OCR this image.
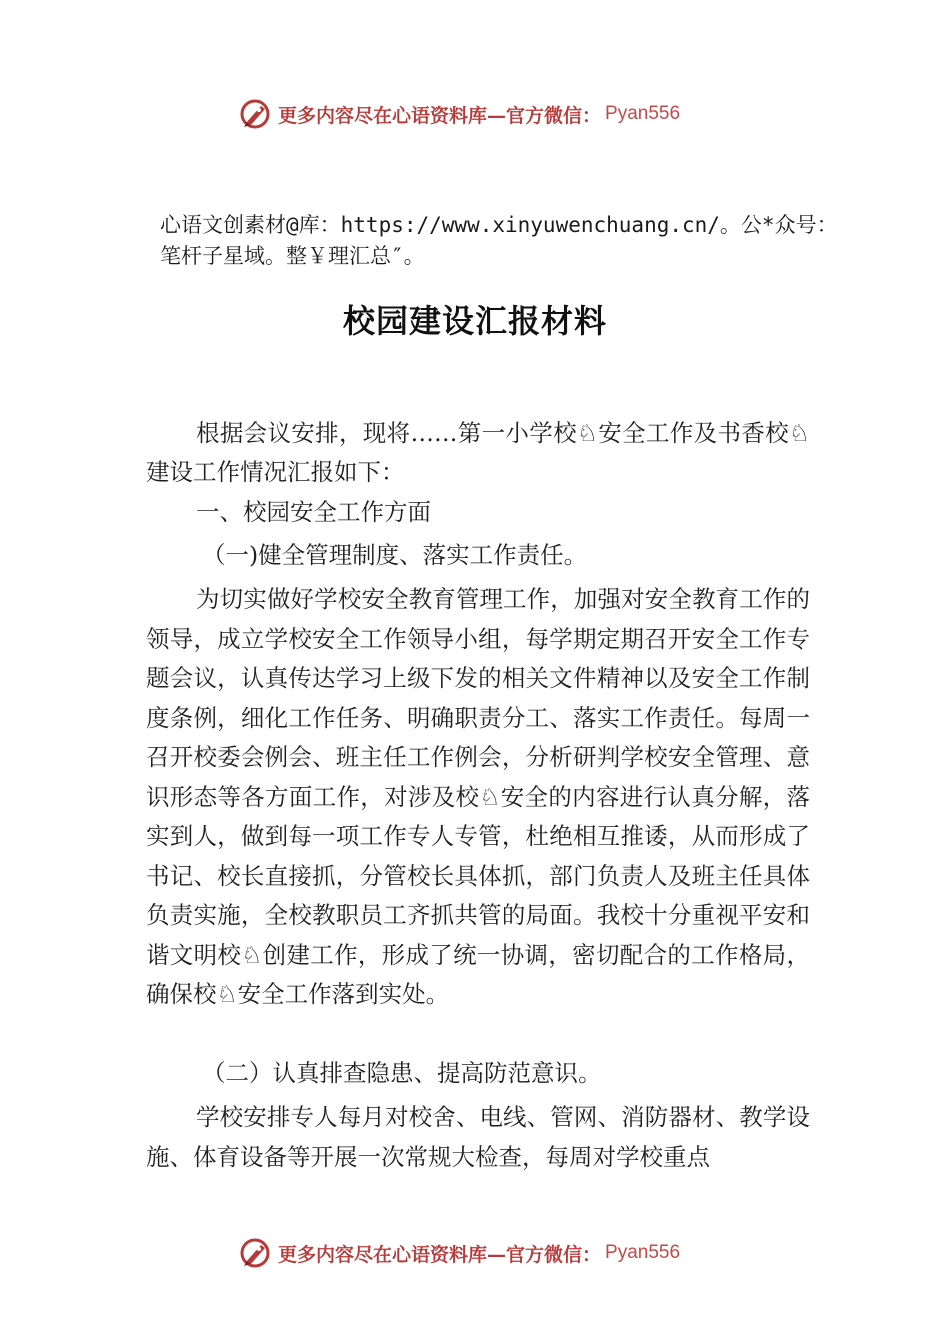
更多内容尽在心语资料库—官方微信： Pyan556
心语文创素材@库：https://www.xinyuwenchuang.cn/。公*众号：笔杆子星域。整￥理汇总″。
校园建设汇报材料
根据会议安排，现将……第一小学校♘安全工作及书香校♘建设工作情况汇报如下：
一、校园安全工作方面
（一)健全管理制度、落实工作责任。
为切实做好学校安全教育管理工作，加强对安全教育工作的领导，成立学校安全工作领导小组，每学期定期召开安全工作专题会议，认真传达学习上级下发的相关文件精神以及安全工作制度条例，细化工作任务、明确职责分工、落实工作责任。每周一召开校委会例会、班主任工作例会，分析研判学校安全管理、意识形态等各方面工作，对涉及校♘安全的内容进行认真分解，落实到人，做到每一项工作专人专管，杜绝相互推诿，从而形成了书记、校长直接抓，分管校长具体抓，部门负责人及班主任具体负责实施，全校教职员工齐抓共管的局面。我校十分重视平安和谐文明校♘创建工作，形成了统一协调，密切配合的工作格局，确保校♘安全工作落到实处。
（二）认真排查隐患、提高防范意识。
学校安排专人每月对校舍、电线、管网、消防器材、教学设施、体育设备等开展一次常规大检查，每周对学校重点
更多内容尽在心语资料库—官方微信： Pyan556
